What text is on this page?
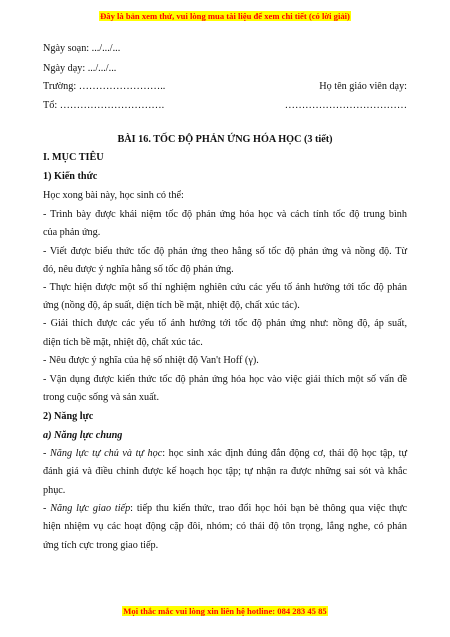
Đây là bản xem thử, vui lòng mua tài liệu để xem chi tiết (có lời giải)
Ngày soạn: .../.../...
Ngày dạy: .../.../...
Trường: ……………………..	Họ tên giáo viên dạy:
Tổ: ………………………….	………………………………
BÀI 16. TỐC ĐỘ PHẢN ỨNG HÓA HỌC (3 tiết)
I. MỤC TIÊU
1) Kiến thức
Học xong bài này, học sinh có thể:
- Trình bày được khái niệm tốc độ phản ứng hóa học và cách tính tốc độ trung bình
của phản ứng.
- Viết được biểu thức tốc độ phản ứng theo hằng số tốc độ phản ứng và nồng độ. Từ
đó, nêu được ý nghĩa hằng số tốc độ phản ứng.
- Thực hiện được một số thí nghiệm nghiên cứu các yếu tố ảnh hưởng tới tốc độ phản
ứng (nồng độ, áp suất, diện tích bề mặt, nhiệt độ, chất xúc tác).
- Giải thích được các yếu tố ảnh hưởng tới tốc độ phản ứng như: nồng độ, áp suất,
diện tích bề mặt, nhiệt độ, chất xúc tác.
- Nêu được ý nghĩa của hệ số nhiệt độ Van't Hoff (γ).
- Vận dụng được kiến thức tốc độ phản ứng hóa học vào việc giải thích một số vấn đề
trong cuộc sống và sản xuất.
2) Năng lực
a) Năng lực chung
- Năng lực tự chủ và tự học: học sinh xác định đúng đắn động cơ, thái độ học tập, tự
đánh giá và điều chỉnh được kế hoạch học tập; tự nhận ra được những sai sót và khắc
phục.
- Năng lực giao tiếp: tiếp thu kiến thức, trao đổi học hỏi bạn bè thông qua việc thực
hiện nhiệm vụ các hoạt động cặp đôi, nhóm; có thái độ tôn trọng, lắng nghe, có phản
ứng tích cực trong giao tiếp.
Mọi thắc mắc vui lòng xin liên hệ hotline: 084 283 45 85
